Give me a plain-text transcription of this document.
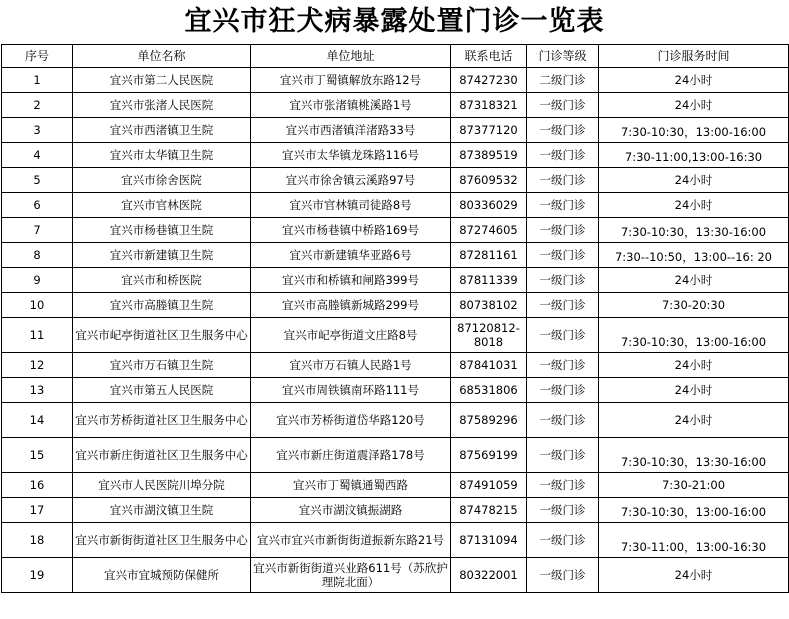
宜兴市狂犬病暴露处置门诊一览表
序号	单位名称	单位地址	联系电话	门诊等级	门诊服务时间
1	宜兴市第二人民医院	宜兴市丁蜀镇解放东路12号	87427230	二级门诊	24小时
2	宜兴市张渚人民医院	宜兴市张渚镇桃溪路1号	87318321	一级门诊	24小时
3	宜兴市西渚镇卫生院	宜兴市西渚镇洋渚路33号	87377120	一级门诊	7:30-10:30，13:00-16:00
4	宜兴市太华镇卫生院	宜兴市太华镇龙珠路116号	87389519	一级门诊	7:30-11:00,13:00-16:30
5	宜兴市徐舍医院	宜兴市徐舍镇云溪路97号	87609532	一级门诊	24小时
6	宜兴市官林医院	宜兴市官林镇司徒路8号	80336029	一级门诊	24小时
7	宜兴市杨巷镇卫生院	宜兴市杨巷镇中桥路169号	87274605	一级门诊	7:30-10:30，13:30-16:00
8	宜兴市新建镇卫生院	宜兴市新建镇华亚路6号	87281161	一级门诊	7:30--10:50，13:00--16: 20
9	宜兴市和桥医院	宜兴市和桥镇和闸路399号	87811339	一级门诊	24小时
10	宜兴市高塍镇卫生院	宜兴市高塍镇新城路299号	80738102	一级门诊	7:30-20:30
11	宜兴市屺亭街道社区卫生服务中心	宜兴市屺亭街道文庄路8号	87120812-8018	一级门诊	7:30-10:30，13:00-16:00
12	宜兴市万石镇卫生院	宜兴市万石镇人民路1号	87841031	一级门诊	24小时
13	宜兴市第五人民医院	宜兴市周铁镇南环路111号	68531806	一级门诊	24小时
14	宜兴市芳桥街道社区卫生服务中心	宜兴市芳桥街道岱华路120号	87589296	一级门诊	24小时
15	宜兴市新庄街道社区卫生服务中心	宜兴市新庄街道震泽路178号	87569199	一级门诊	7:30-10:30，13:30-16:00
16	宜兴市人民医院川埠分院	宜兴市丁蜀镇通蜀西路	87491059	一级门诊	7:30-21:00
17	宜兴市湖汶镇卫生院	宜兴市湖汶镇振湖路	87478215	一级门诊	7:30-10:30，13:00-16:00
18	宜兴市新街街道社区卫生服务中心	宜兴市宜兴市新街街道振新东路21号	87131094	一级门诊	7:30-11:00，13:00-16:30
19	宜兴市宜城预防保健所	宜兴市新街街道兴业路611号（苏欣护理院北面）	80322001	一级门诊	24小时
